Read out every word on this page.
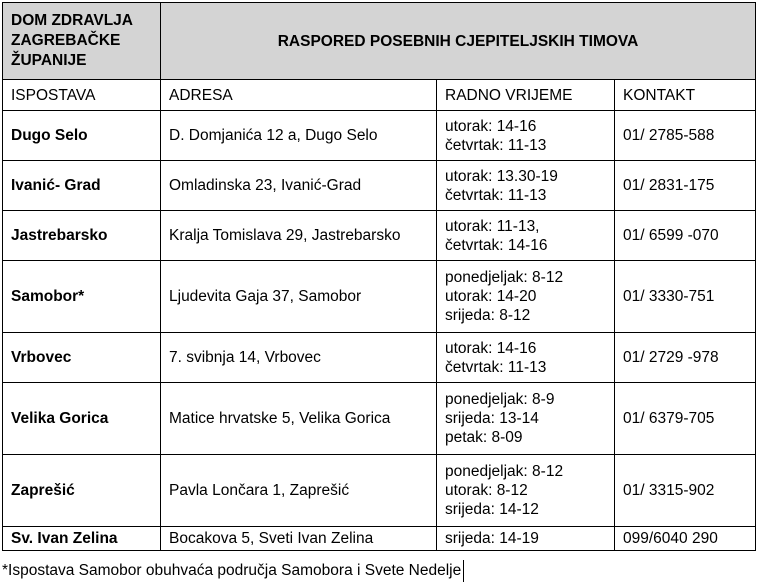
DOM ZDRAVLJA
ZAGREBAČKE
ŽUPANIJE	RASPORED POSEBNIH CJEPITELJSKIH TIMOVA		
ISPOSTAVA	ADRESA	RADNO VRIJEME	KONTAKT
Dugo Selo	D. Domjanića 12 a, Dugo Selo	utorak: 14-16
četvrtak: 11-13	01/ 2785-588
Ivanić- Grad	Omladinska 23, Ivanić-Grad	utorak: 13.30-19
četvrtak: 11-13	01/ 2831-175
Jastrebarsko	Kralja Tomislava 29, Jastrebarsko	utorak: 11-13,
četvrtak: 14-16	01/ 6599 -070
Samobor*	Ljudevita Gaja 37, Samobor	ponedjeljak: 8-12
utorak: 14-20
srijeda: 8-12	01/ 3330-751
Vrbovec	7. svibnja 14, Vrbovec	utorak: 14-16
četvrtak: 11-13	01/ 2729 -978
Velika Gorica	Matice hrvatske 5, Velika Gorica	ponedjeljak: 8-9
srijeda: 13-14
petak: 8-09	01/ 6379-705
Zaprešić	Pavla Lončara 1, Zaprešić	ponedjeljak: 8-12
utorak: 8-12
srijeda: 14-12	01/ 3315-902
Sv. Ivan Zelina	Bocakova 5, Sveti Ivan Zelina	srijeda: 14-19	099/6040 290
*Ispostava Samobor obuhvaća područja Samobora i Svete Nedelje
